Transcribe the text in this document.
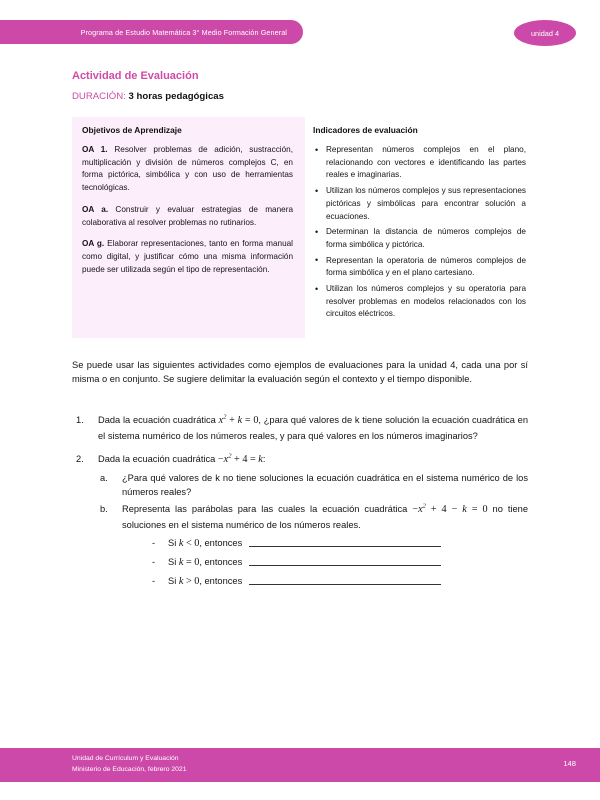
Programa de Estudio Matemática 3° Medio Formación General	unidad 4
Actividad de Evaluación
DURACIÓN: 3 horas pedagógicas
Objetivos de Aprendizaje
OA 1. Resolver problemas de adición, sustracción, multiplicación y división de números complejos C, en forma pictórica, simbólica y con uso de herramientas tecnológicas.
OA a. Construir y evaluar estrategias de manera colaborativa al resolver problemas no rutinarios.
OA g. Elaborar representaciones, tanto en forma manual como digital, y justificar cómo una misma información puede ser utilizada según el tipo de representación.
Indicadores de evaluación
• Representan números complejos en el plano, relacionando con vectores e identificando las partes reales e imaginarias.
• Utilizan los números complejos y sus representaciones pictóricas y simbólicas para encontrar solución a ecuaciones.
• Determinan la distancia de números complejos de forma simbólica y pictórica.
• Representan la operatoria de números complejos de forma simbólica y en el plano cartesiano.
• Utilizan los números complejos y su operatoria para resolver problemas en modelos relacionados con los circuitos eléctricos.
Se puede usar las siguientes actividades como ejemplos de evaluaciones para la unidad 4, cada una por sí misma o en conjunto. Se sugiere delimitar la evaluación según el contexto y el tiempo disponible.
1.	Dada la ecuación cuadrática $x^2 + k = 0$, ¿para qué valores de k tiene solución la ecuación cuadrática en el sistema numérico de los números reales, y para qué valores en los números imaginarios?
2.	Dada la ecuación cuadrática $-x^2 + 4 = k$:
a.	¿Para qué valores de k no tiene soluciones la ecuación cuadrática en el sistema numérico de los números reales?
b.	Representa las parábolas para las cuales la ecuación cuadrática $-x^2 + 4 - k = 0$ no tiene soluciones en el sistema numérico de los números reales.
- Si k < 0, entonces
- Si k = 0, entonces
- Si k > 0, entonces
Unidad de Currículum y Evaluación
Ministerio de Educación, febrero 2021
148
